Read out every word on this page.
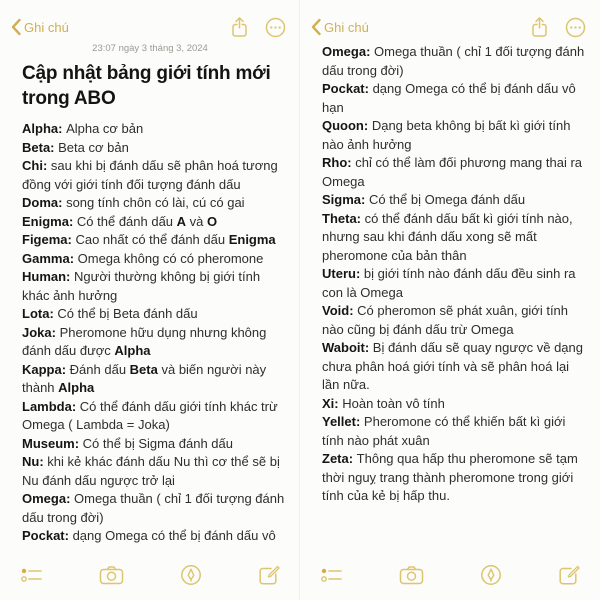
Ghi chú
23:07 ngày 3 tháng 3, 2024
Cập nhật bảng giới tính mới trong ABO

Alpha: Alpha cơ bản

Beta: Beta cơ bản

Chi: sau khi bị đánh dấu sẽ phân hoá tương đồng với giới tính đối tượng đánh dấu

Doma: song tính chôn có lài, cú có gai

Enigma: Có thể đánh dấu A và O

Figema: Cao nhất có thể đánh dấu Enigma

Gamma: Omega không có có pheromone

Human: Người thường không bị giới tính khác ảnh hưởng

Lota: Có thể bị Beta đánh dấu

Joka: Pheromone hữu dụng nhưng không đánh dấu được Alpha

Kappa: Đánh dấu Beta và biến người này thành Alpha

Lambda: Có thể đánh dấu giới tính khác trừ Omega ( Lambda = Joka)

Museum: Có thể bị Sigma đánh dấu

Nu: khi kẻ khác đánh dấu Nu thì cơ thể sẽ bị Nu đánh dấu ngược trở lại

Omega: Omega thuần ( chỉ 1 đối tượng đánh dấu trong đời)

Pockat: dạng Omega có thể bị đánh dấu vô

Ghi chú

Omega: Omega thuần ( chỉ 1 đối tượng đánh dấu trong đời)

Pockat: dạng Omega có thể bị đánh dấu vô hạn

Quoon: Dạng beta không bị bất kì giới tính nào ảnh hưởng

Rho: chỉ có thể làm đối phương mang thai ra Omega

Sigma: Có thể bị Omega đánh dấu

Theta: có thể đánh dấu bất kì giới tính nào, nhưng sau khi đánh dấu xong sẽ mất pheromone của bản thân

Uteru: bị giới tính nào đánh dấu đều sinh ra con là Omega

Void: Có pheromon sẽ phát xuân, giới tính nào cũng bị đánh dấu trừ Omega

Waboit: Bị đánh dấu sẽ quay ngược về dạng chưa phân hoá giới tính và sẽ phân hoá lại lần nữa.

Xi: Hoàn toàn vô tính

Yellet: Pheromone có thể khiến bất kì giới tính nào phát xuân

Zeta: Thông qua hấp thu pheromone sẽ tạm thời nguỵ trang thành pheromone trong giới tính của kẻ bị hấp thu.
